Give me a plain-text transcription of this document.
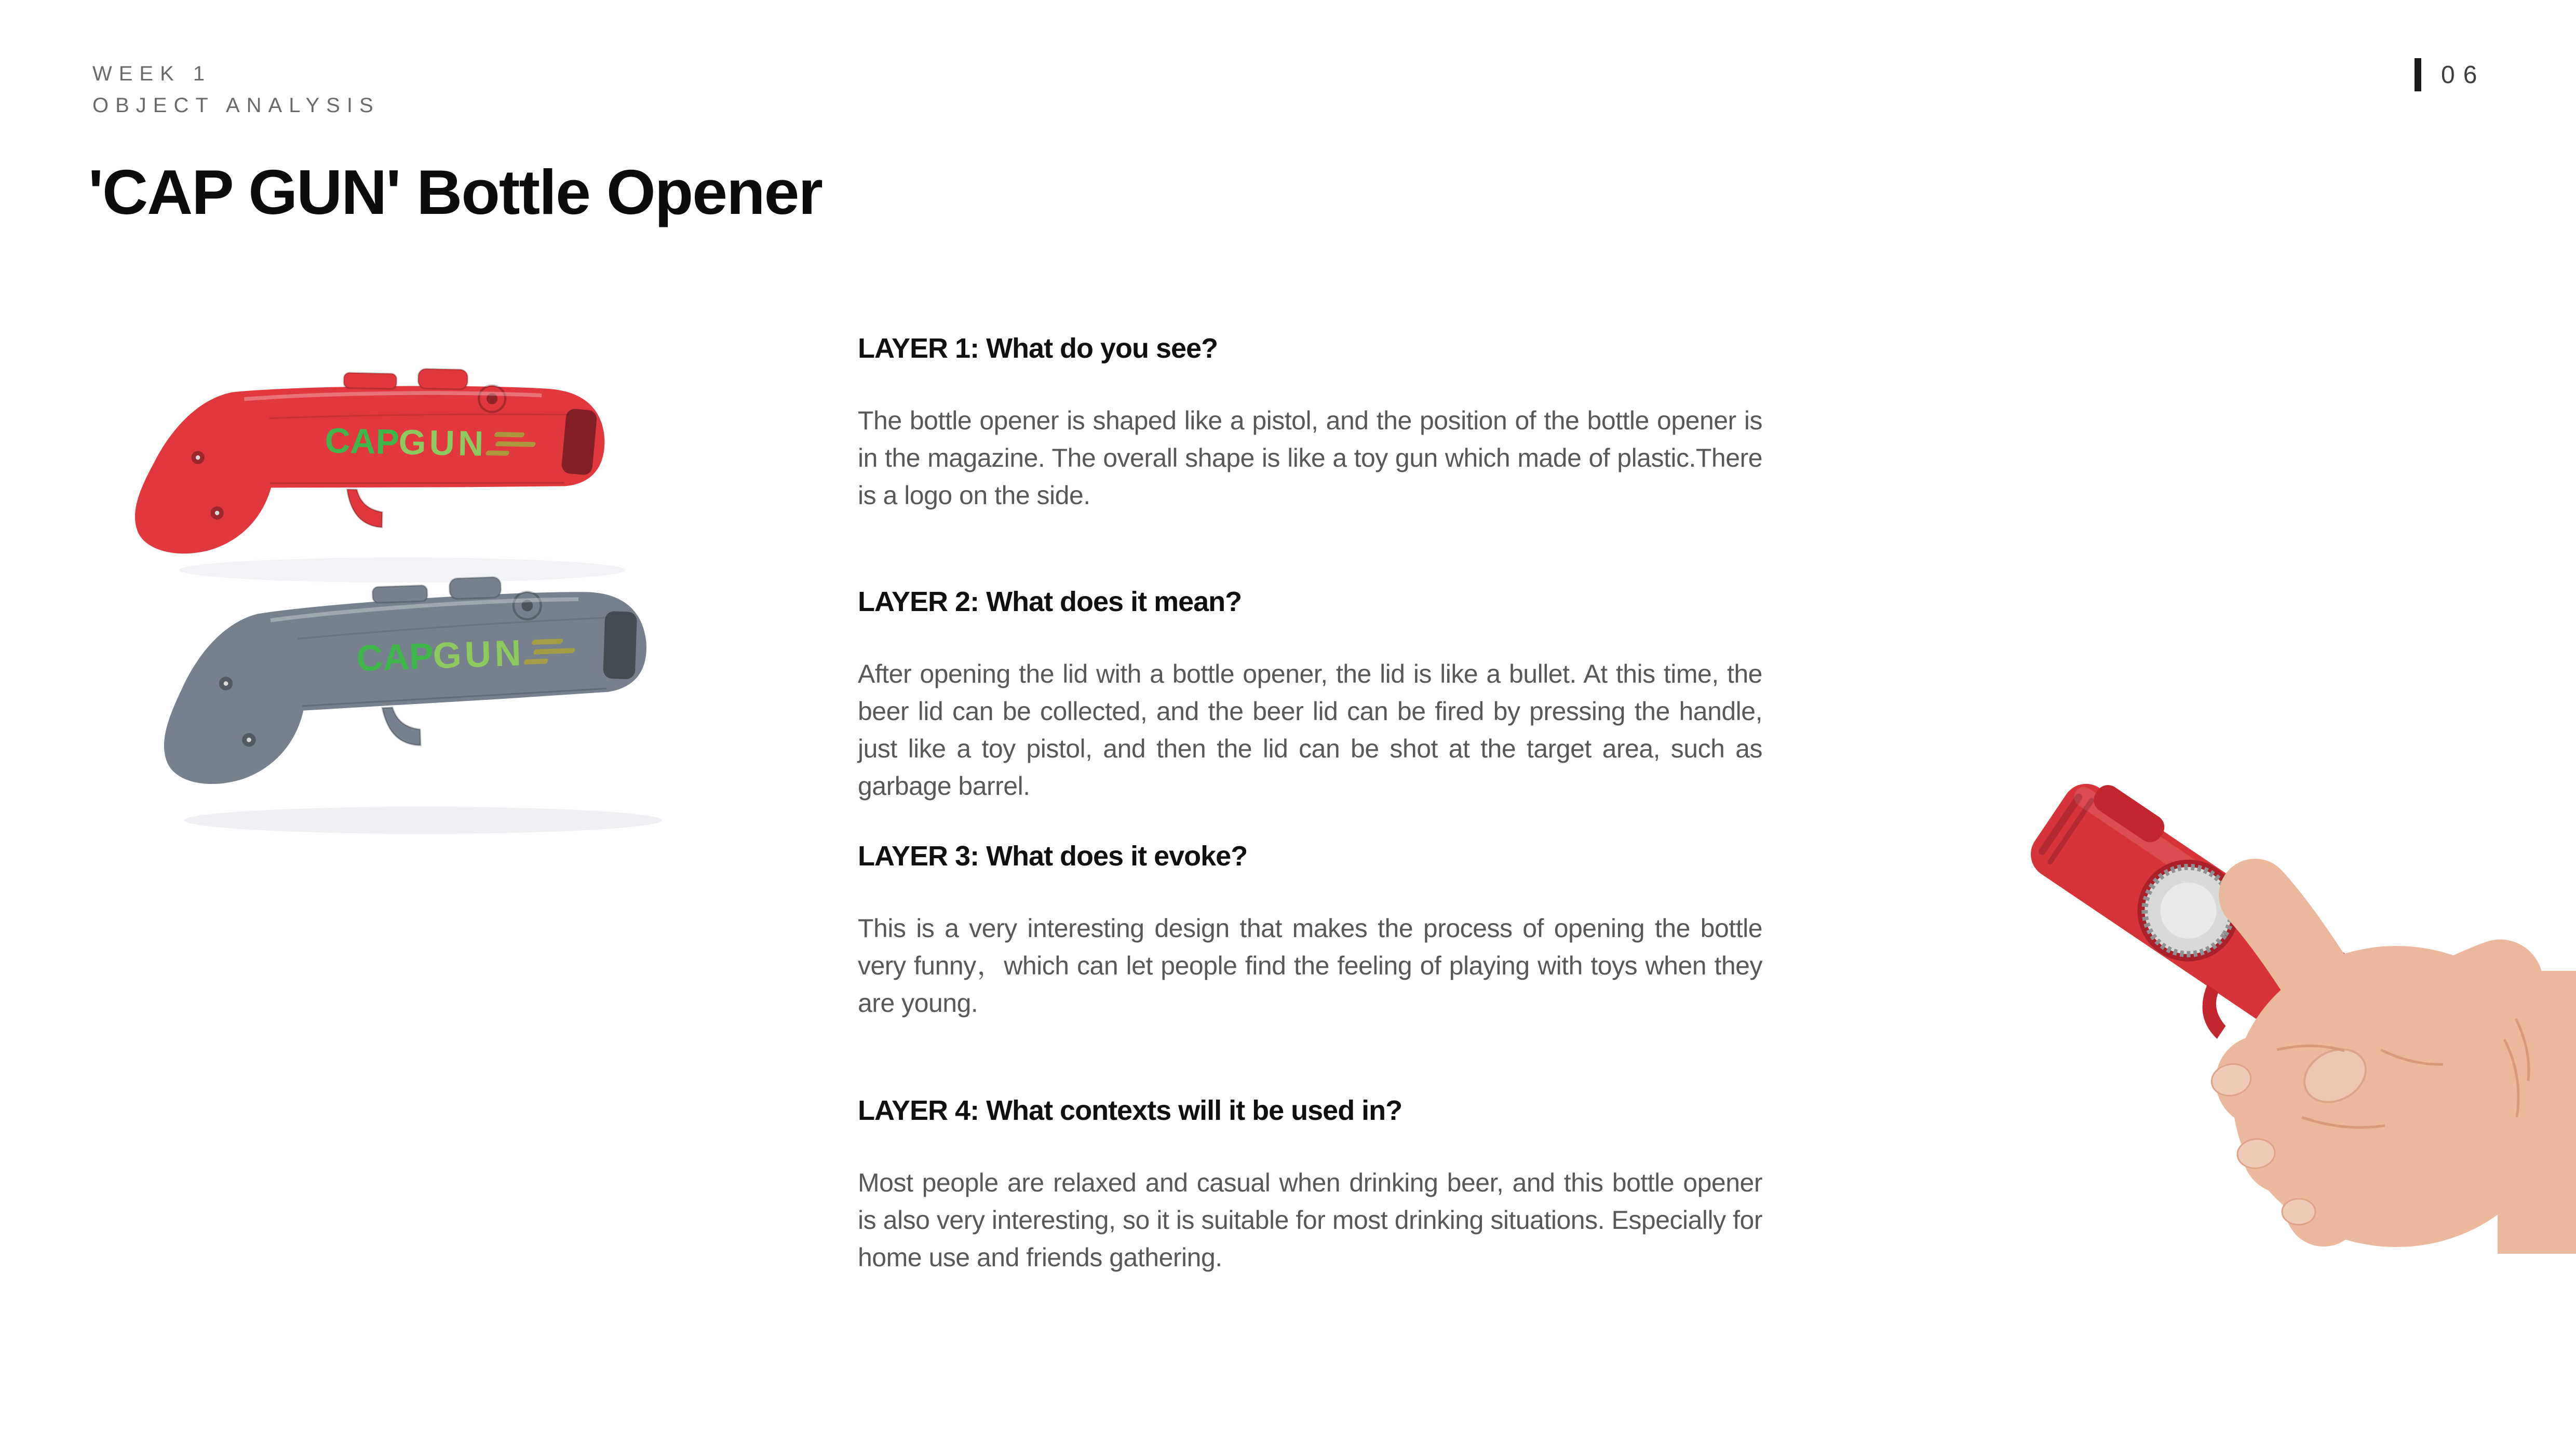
WEEK 1
OBJECT ANALYSIS
06
'CAP GUN' Bottle Opener
LAYER 1: What do you see?

The bottle opener is shaped like a pistol, and the position of the bottle opener is in the magazine. The overall shape is like a toy gun which made of plastic.There is a logo on the side.

LAYER 2: What does it mean?

After opening the lid with a bottle opener, the lid is like a bullet. At this time, the beer lid can be collected, and the beer lid can be fired by pressing the handle, just like a toy pistol, and then the lid can be shot at the target area, such as garbage barrel.

LAYER 3: What does it evoke?

This is a very interesting design that makes the process of opening the bottle very funny，which can let people find the feeling of playing with toys when they are young.

LAYER 4: What contexts will it be used in?

Most people are relaxed and casual when drinking beer, and this bottle opener is also very interesting, so it is suitable for most drinking situations. Especially for home use and friends gathering.
